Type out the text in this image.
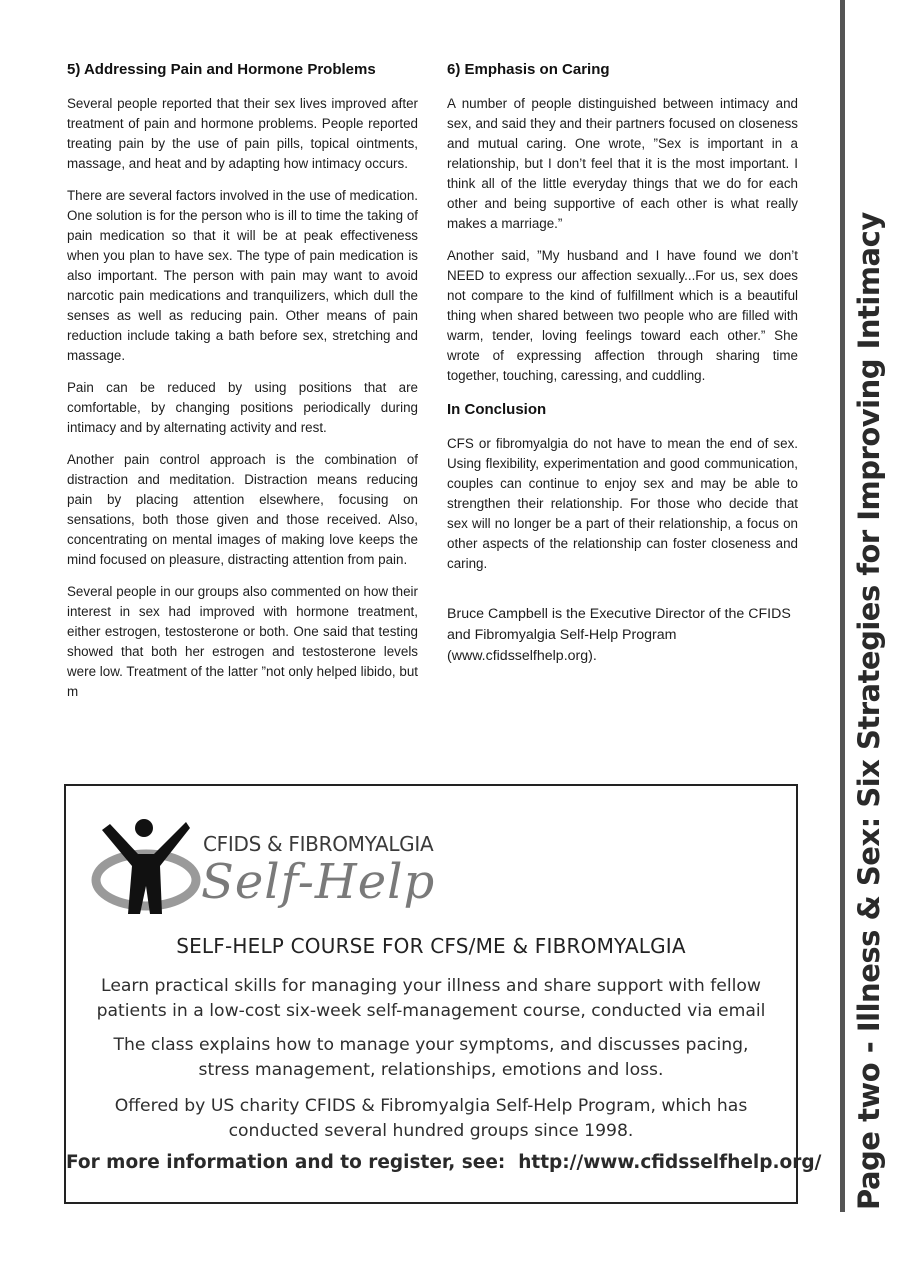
5) Addressing Pain and Hormone Problems

Several people reported that their sex lives improved after treatment of pain and hormone problems. People reported treating pain by the use of pain pills, topical ointments, massage, and heat and by adapting how intimacy occurs.

There are several factors involved in the use of medication. One solution is for the person who is ill to time the taking of pain medication so that it will be at peak effectiveness when you plan to have sex. The type of pain medication is also important. The person with pain may want to avoid narcotic pain medications and tranquilizers, which dull the senses as well as reducing pain. Other means of pain reduction include taking a bath before sex, stretching and massage.

Pain can be reduced by using positions that are comfortable, by changing positions periodically during intimacy and by alternating activity and rest.

Another pain control approach is the combination of distraction and meditation. Distraction means reducing pain by placing attention elsewhere, focusing on sensations, both those given and those received. Also, concentrating on mental images of making love keeps the mind focused on pleasure, distracting attention from pain.

Several people in our groups also commented on how their interest in sex had improved with hormone treatment, either estrogen, testosterone or both. One said that testing showed that both her estrogen and testosterone levels were low. Treatment of the latter ”not only helped libido, but m

6) Emphasis on Caring

A number of people distinguished between intimacy and sex, and said they and their partners focused on closeness and mutual caring. One wrote, ”Sex is important in a relationship, but I don’t feel that it is the most important. I think all of the little everyday things that we do for each other and being supportive of each other is what really makes a marriage.”

Another said, ”My husband and I have found we don’t NEED to express our affection sexually...For us, sex does not compare to the kind of fulfillment which is a beautiful thing when shared between two people who are filled with warm, tender, loving feelings toward each other.” She wrote of expressing affection through sharing time together, touching, caressing, and cuddling.

In Conclusion

CFS or fibromyalgia do not have to mean the end of sex. Using flexibility, experimentation and good communication, couples can continue to enjoy sex and may be able to strengthen their relationship. For those who decide that sex will no longer be a part of their relationship, a focus on other aspects of the relationship can foster closeness and caring.

Bruce Campbell is the Executive Director of the CFIDS and Fibromyalgia Self-Help Program (www.cfidsselfhelp.org).	Page two - Illness & Sex: Six Strategies for Improving Intimacy
CFIDS & FIBROMYALGIA
Self-Help
SELF-HELP COURSE FOR CFS/ME & FIBROMYALGIA
Learn practical skills for managing your illness and share support with fellow patients in a low-cost six-week self-management course, conducted via email
The class explains how to manage your symptoms, and discusses pacing, stress management, relationships, emotions and loss.
Offered by US charity CFIDS & Fibromyalgia Self-Help Program, which has conducted several hundred groups since 1998.
For more information and to register, see: http://www.cfidsselfhelp.org/
